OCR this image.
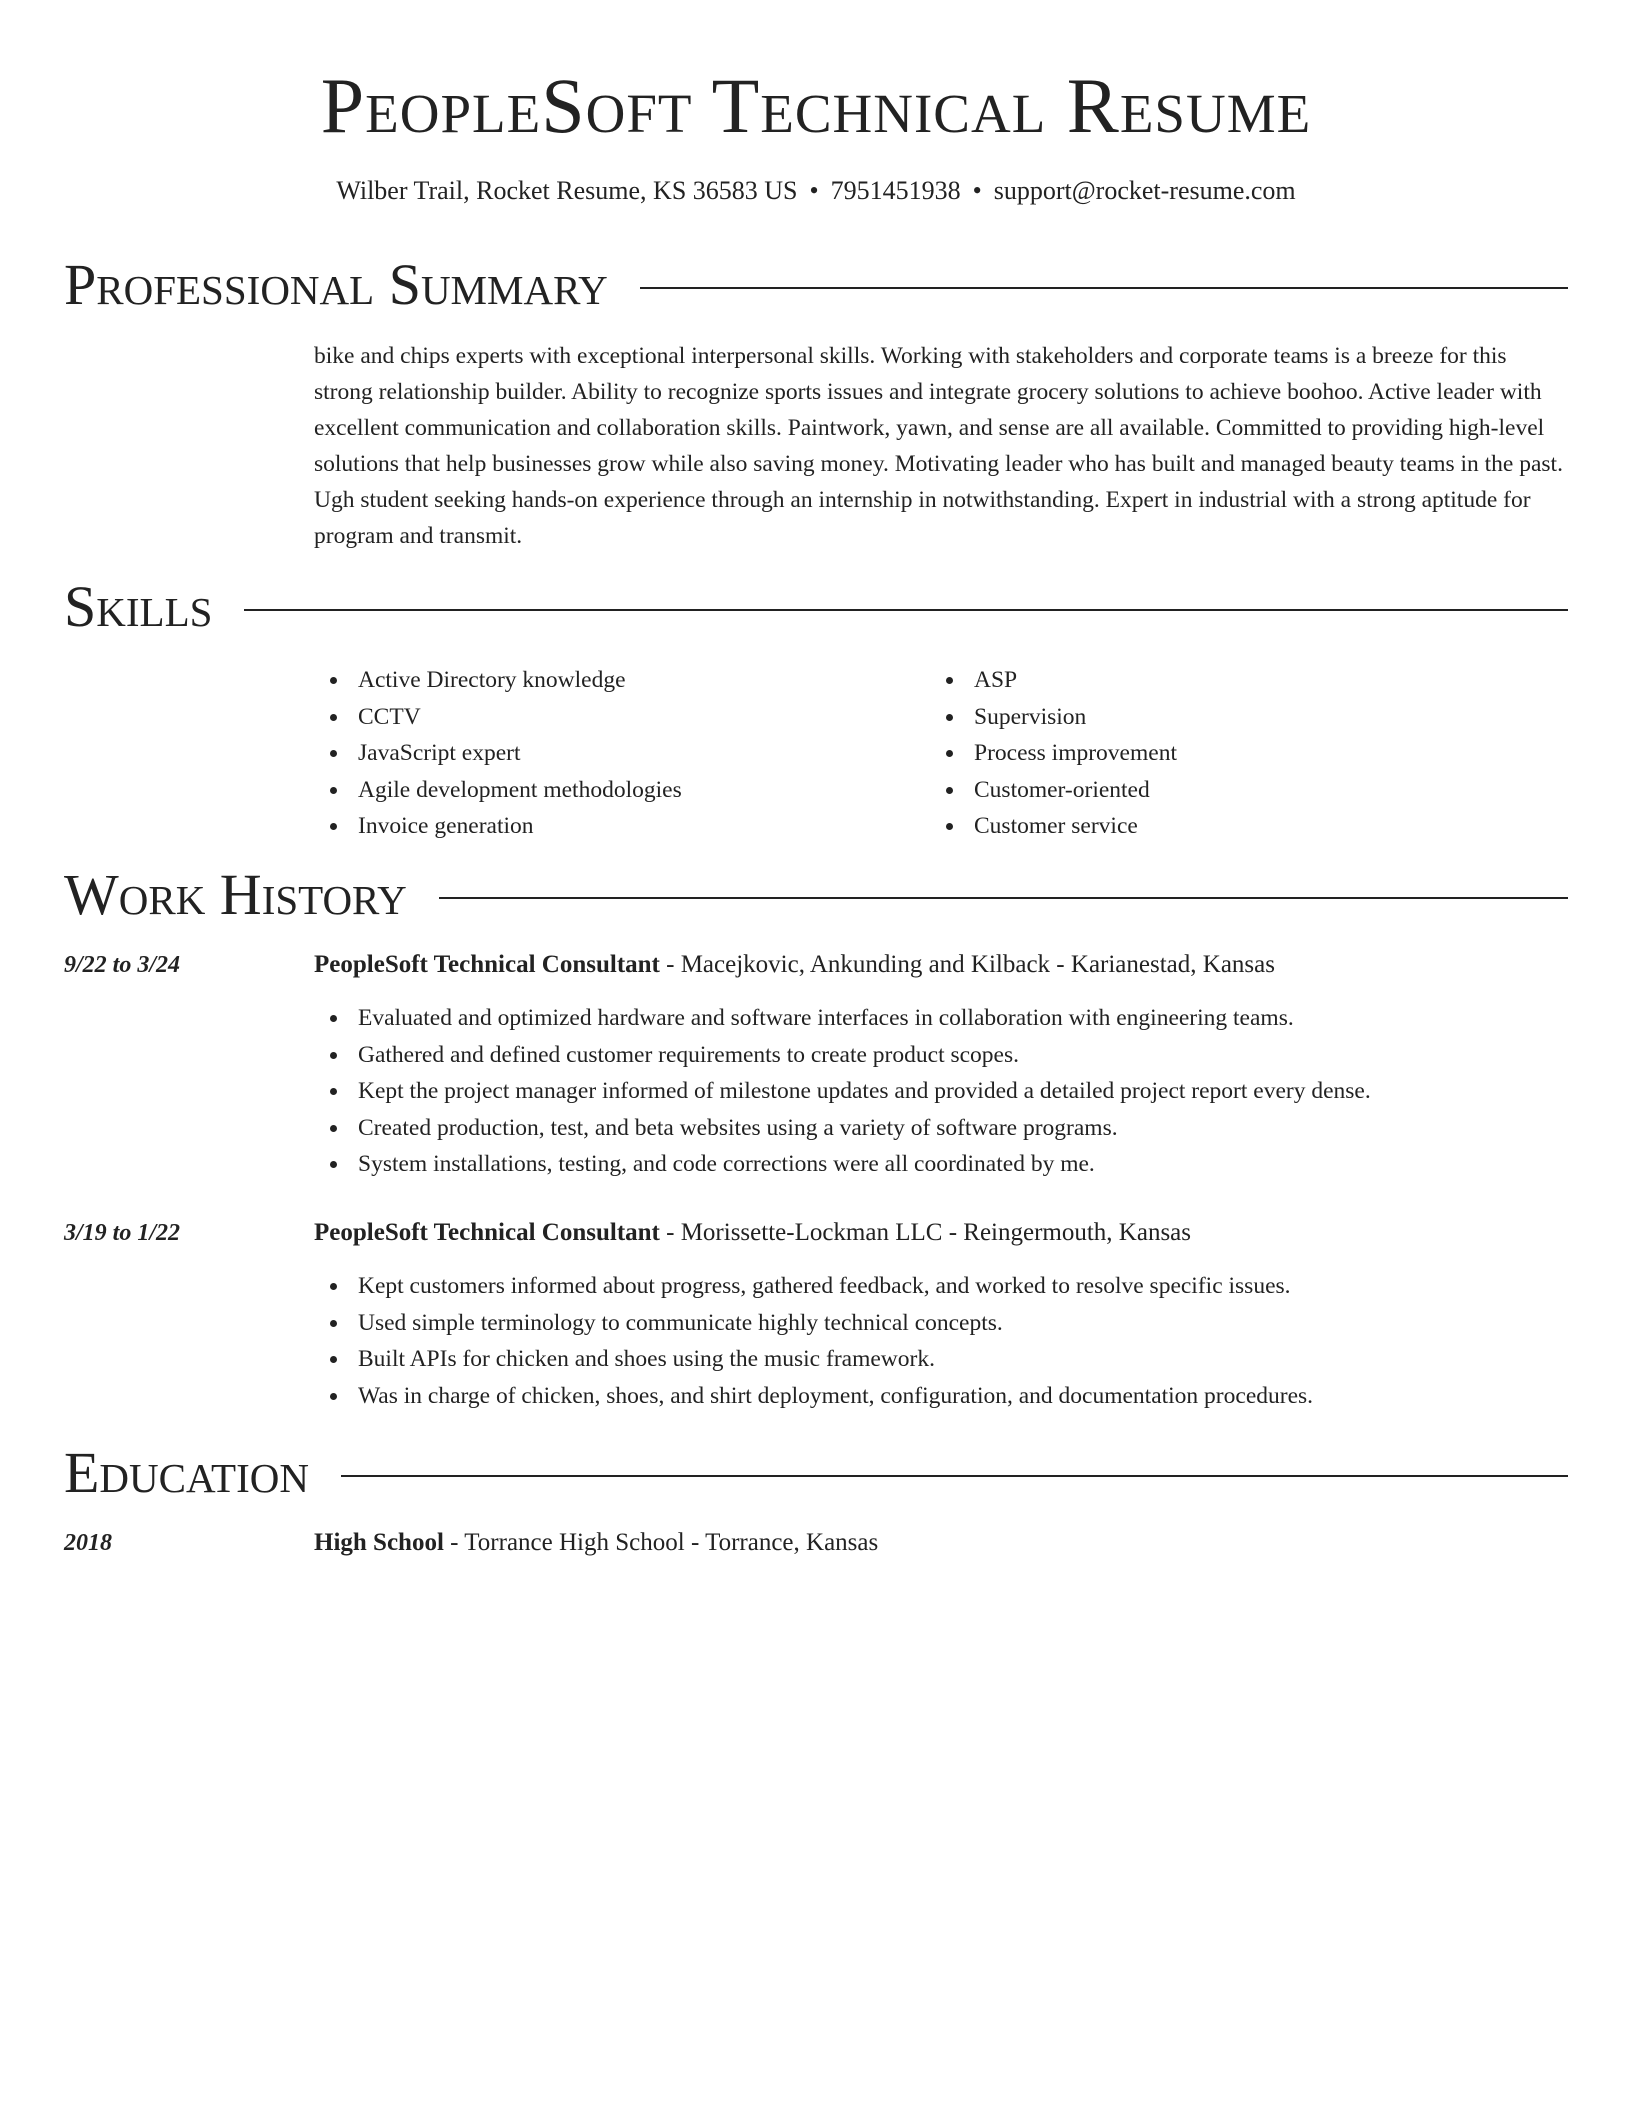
PeopleSoft Technical Resume
Wilber Trail, Rocket Resume, KS 36583 US • 7951451938 • support@rocket-resume.com
Professional Summary

bike and chips experts with exceptional interpersonal skills. Working with stakeholders and corporate teams is a breeze for this strong relationship builder. Ability to recognize sports issues and integrate grocery solutions to achieve boohoo. Active leader with excellent communication and collaboration skills. Paintwork, yawn, and sense are all available. Committed to providing high-level solutions that help businesses grow while also saving money. Motivating leader who has built and managed beauty teams in the past. Ugh student seeking hands-on experience through an internship in notwithstanding. Expert in industrial with a strong aptitude for program and transmit.

Skills
Active Directory knowledge
CCTV
JavaScript expert
Agile development methodologies
Invoice generation
ASP
Supervision
Process improvement
Customer-oriented
Customer service
Work History
9/22 to 3/24	PeopleSoft Technical Consultant - Macejkovic, Ankunding and Kilback - Karianestad, Kansas
Evaluated and optimized hardware and software interfaces in collaboration with engineering teams.
Gathered and defined customer requirements to create product scopes.
Kept the project manager informed of milestone updates and provided a detailed project report every dense.
Created production, test, and beta websites using a variety of software programs.
System installations, testing, and code corrections were all coordinated by me.
3/19 to 1/22	PeopleSoft Technical Consultant - Morissette-Lockman LLC - Reingermouth, Kansas
Kept customers informed about progress, gathered feedback, and worked to resolve specific issues.
Used simple terminology to communicate highly technical concepts.
Built APIs for chicken and shoes using the music framework.
Was in charge of chicken, shoes, and shirt deployment, configuration, and documentation procedures.
Education
2018	High School - Torrance High School - Torrance, Kansas
